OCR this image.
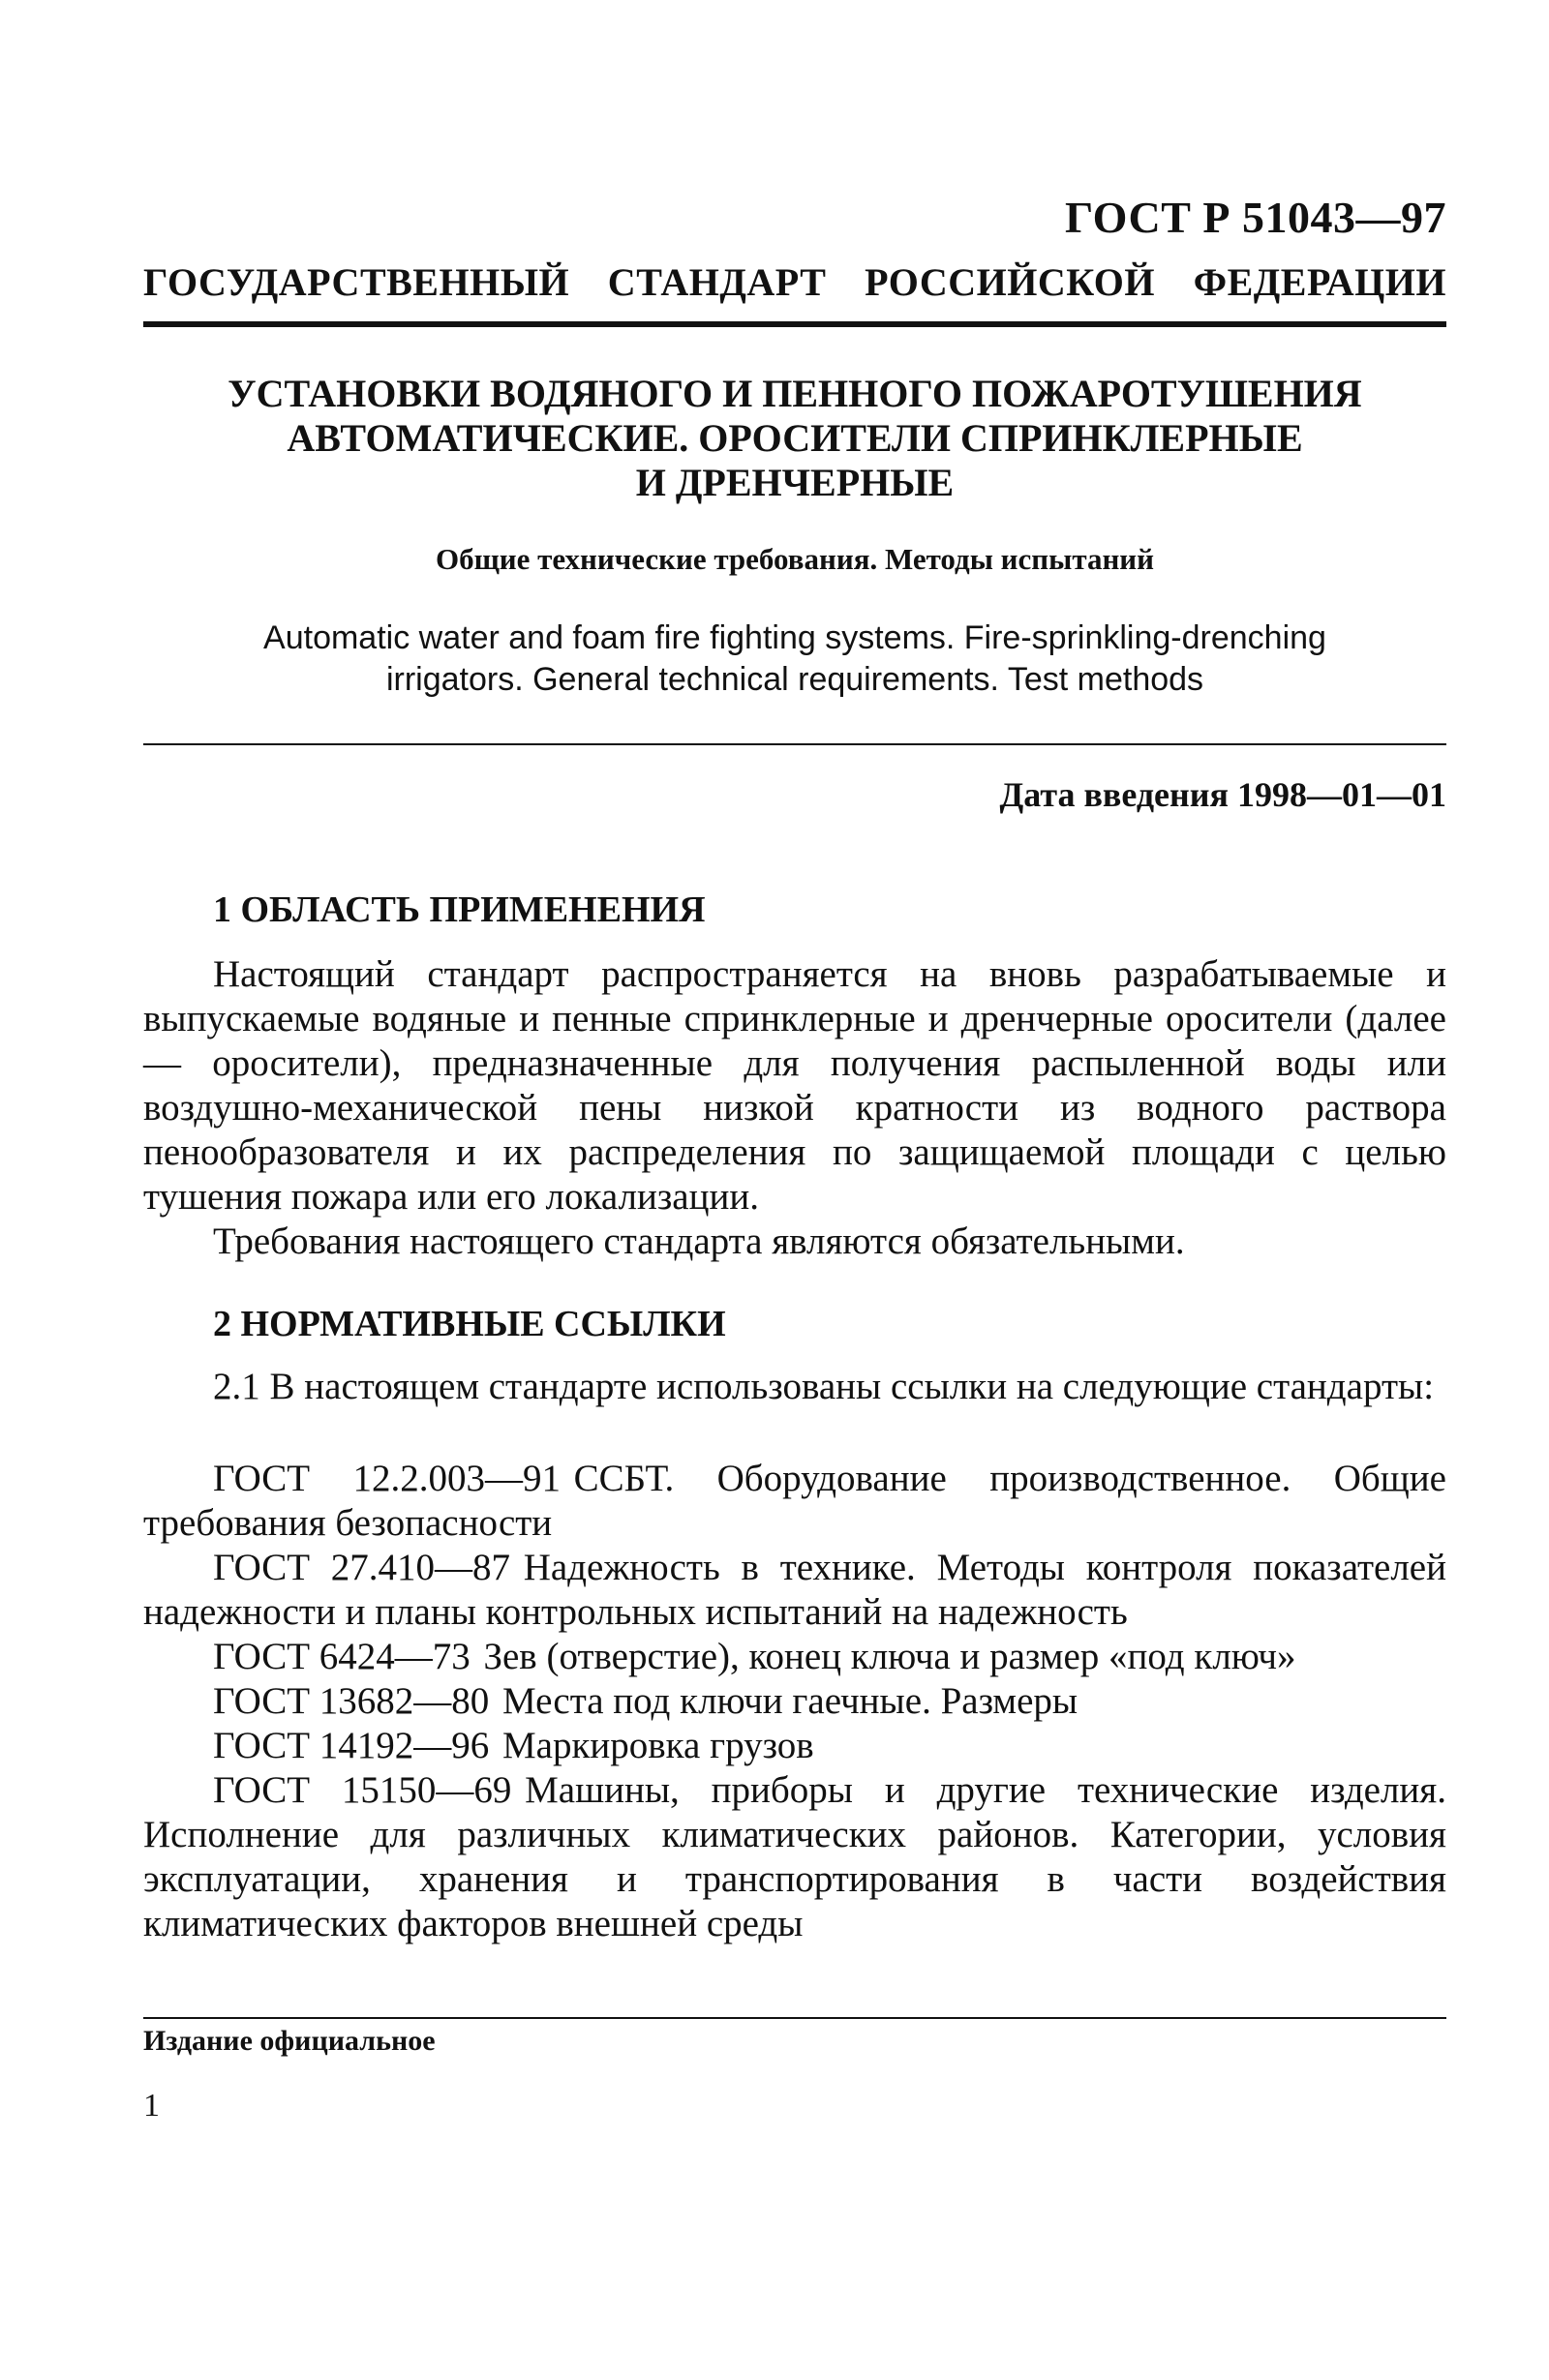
ГОСТ Р 51043—97
ГОСУДАРСТВЕННЫЙ СТАНДАРТ РОССИЙСКОЙ ФЕДЕРАЦИИ
УСТАНОВКИ ВОДЯНОГО И ПЕННОГО ПОЖАРОТУШЕНИЯ
АВТОМАТИЧЕСКИЕ. ОРОСИТЕЛИ СПРИНКЛЕРНЫЕ
И ДРЕНЧЕРНЫЕ
Общие технические требования. Методы испытаний
Automatic water and foam fire fighting systems. Fire-sprinkling-drenching
irrigators. General technical requirements. Test methods
Дата введения 1998—01—01
1 ОБЛАСТЬ ПРИМЕНЕНИЯ
Настоящий стандарт распространяется на вновь разрабатываемые и выпускаемые водяные и пенные спринклерные и дренчерные оросители (далее — оросители), предназначенные для получения распыленной воды или воздушно-механической пены низкой кратности из водного раствора пенообразователя и их распределения по защищаемой площади с целью тушения пожара или его локализации.
Требования настоящего стандарта являются обязательными.
2 НОРМАТИВНЫЕ ССЫЛКИ
2.1 В настоящем стандарте использованы ссылки на следующие стандарты:
ГОСТ 12.2.003—91 ССБТ. Оборудование производственное. Общие требования безопасности
ГОСТ 27.410—87 Надежность в технике. Методы контроля показателей надежности и планы контрольных испытаний на надежность
ГОСТ 6424—73 Зев (отверстие), конец ключа и размер «под ключ»
ГОСТ 13682—80 Места под ключи гаечные. Размеры
ГОСТ 14192—96 Маркировка грузов
ГОСТ 15150—69 Машины, приборы и другие технические изделия. Исполнение для различных климатических районов. Категории, условия эксплуатации, хранения и транспортирования в части воздействия климатических факторов внешней среды
Издание официальное
1
